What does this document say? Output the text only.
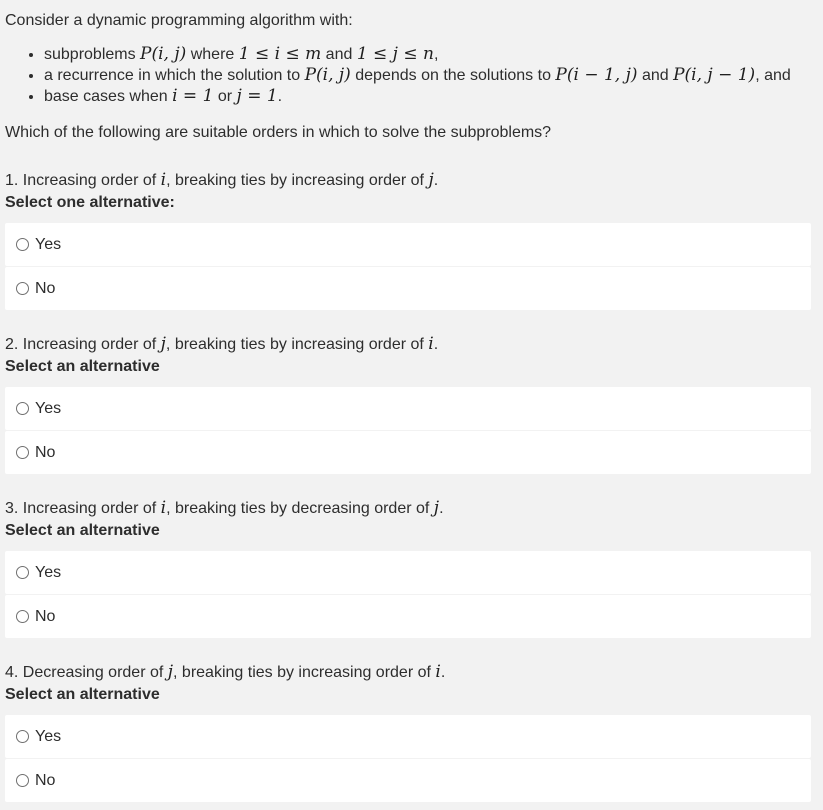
Consider a dynamic programming algorithm with:
• subproblems P(i, j) where 1 ≤ i ≤ m and 1 ≤ j ≤ n,
• a recurrence in which the solution to P(i, j) depends on the solutions to P(i − 1, j) and P(i, j − 1), and
• base cases when i = 1 or j = 1.
Which of the following are suitable orders in which to solve the subproblems?
1. Increasing order of i, breaking ties by increasing order of j.
Select one alternative:
Yes
No
2. Increasing order of j, breaking ties by increasing order of i.
Select an alternative
Yes
No
3. Increasing order of i, breaking ties by decreasing order of j.
Select an alternative
Yes
No
4. Decreasing order of j, breaking ties by increasing order of i.
Select an alternative
Yes
No
